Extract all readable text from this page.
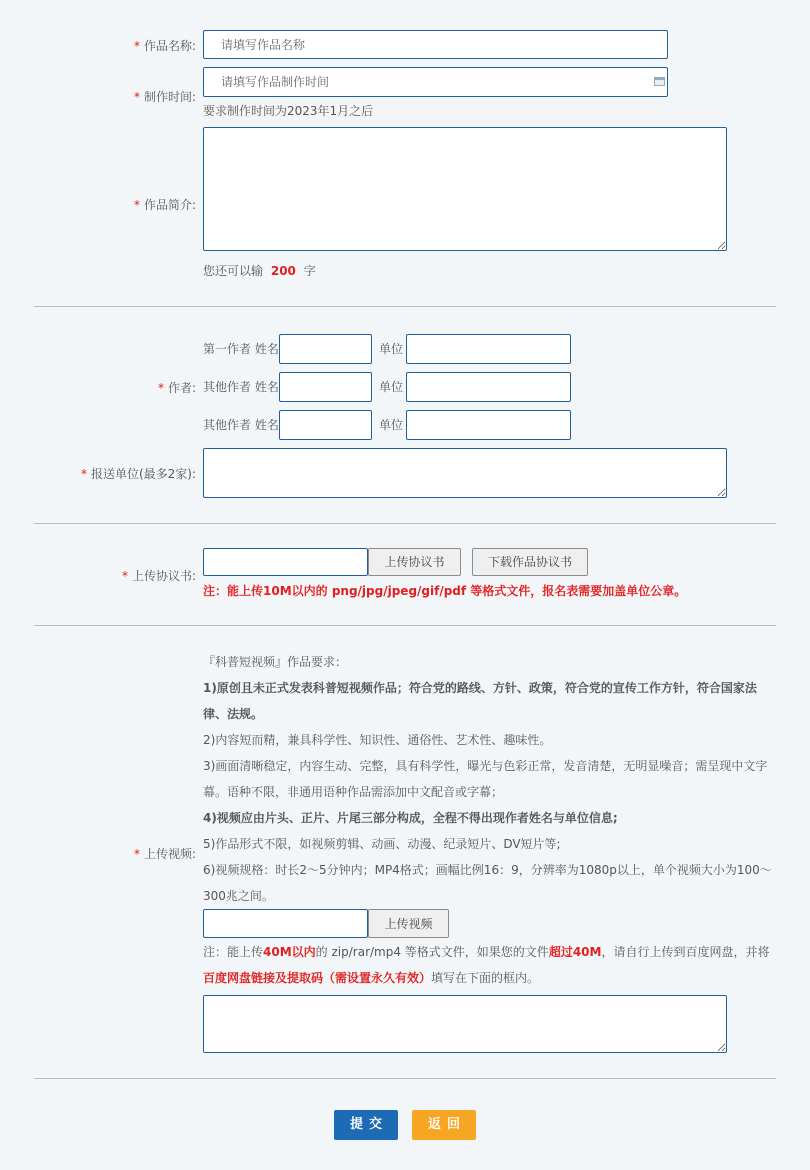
* 作品名称:
请填写作品名称
* 制作时间:
请填写作品制作时间
要求制作时间为2023年1月之后
* 作品简介:
您还可以输 200 字
* 作者:
第一作者 姓名	单位
其他作者 姓名	单位
其他作者 姓名	单位
* 报送单位(最多2家):
* 上传协议书:
上传协议书	下载作品协议书
注：能上传10M以内的 png/jpg/jpeg/gif/pdf 等格式文件，报名表需要加盖单位公章。
* 上传视频:
『科普短视频』作品要求：
1)原创且未正式发表科普短视频作品；符合党的路线、方针、政策，符合党的宣传工作方针，符合国家法律、法规。
2)内容短而精，兼具科学性、知识性、通俗性、艺术性、趣味性。
3)画面清晰稳定，内容生动、完整，具有科学性，曝光与色彩正常，发音清楚，无明显噪音；需呈现中文字幕。语种不限，非通用语种作品需添加中文配音或字幕；
4)视频应由片头、正片、片尾三部分构成，全程不得出现作者姓名与单位信息;
5)作品形式不限，如视频剪辑、动画、动漫、纪录短片、DV短片等;
6)视频规格：时长2～5分钟内；MP4格式；画幅比例16：9，分辨率为1080p以上，单个视频大小为100～300兆之间。
上传视频
注：能上传40M以内的 zip/rar/mp4 等格式文件，如果您的文件超过40M，请自行上传到百度网盘，并将百度网盘链接及提取码（需设置永久有效）填写在下面的框内。
提交	返回
